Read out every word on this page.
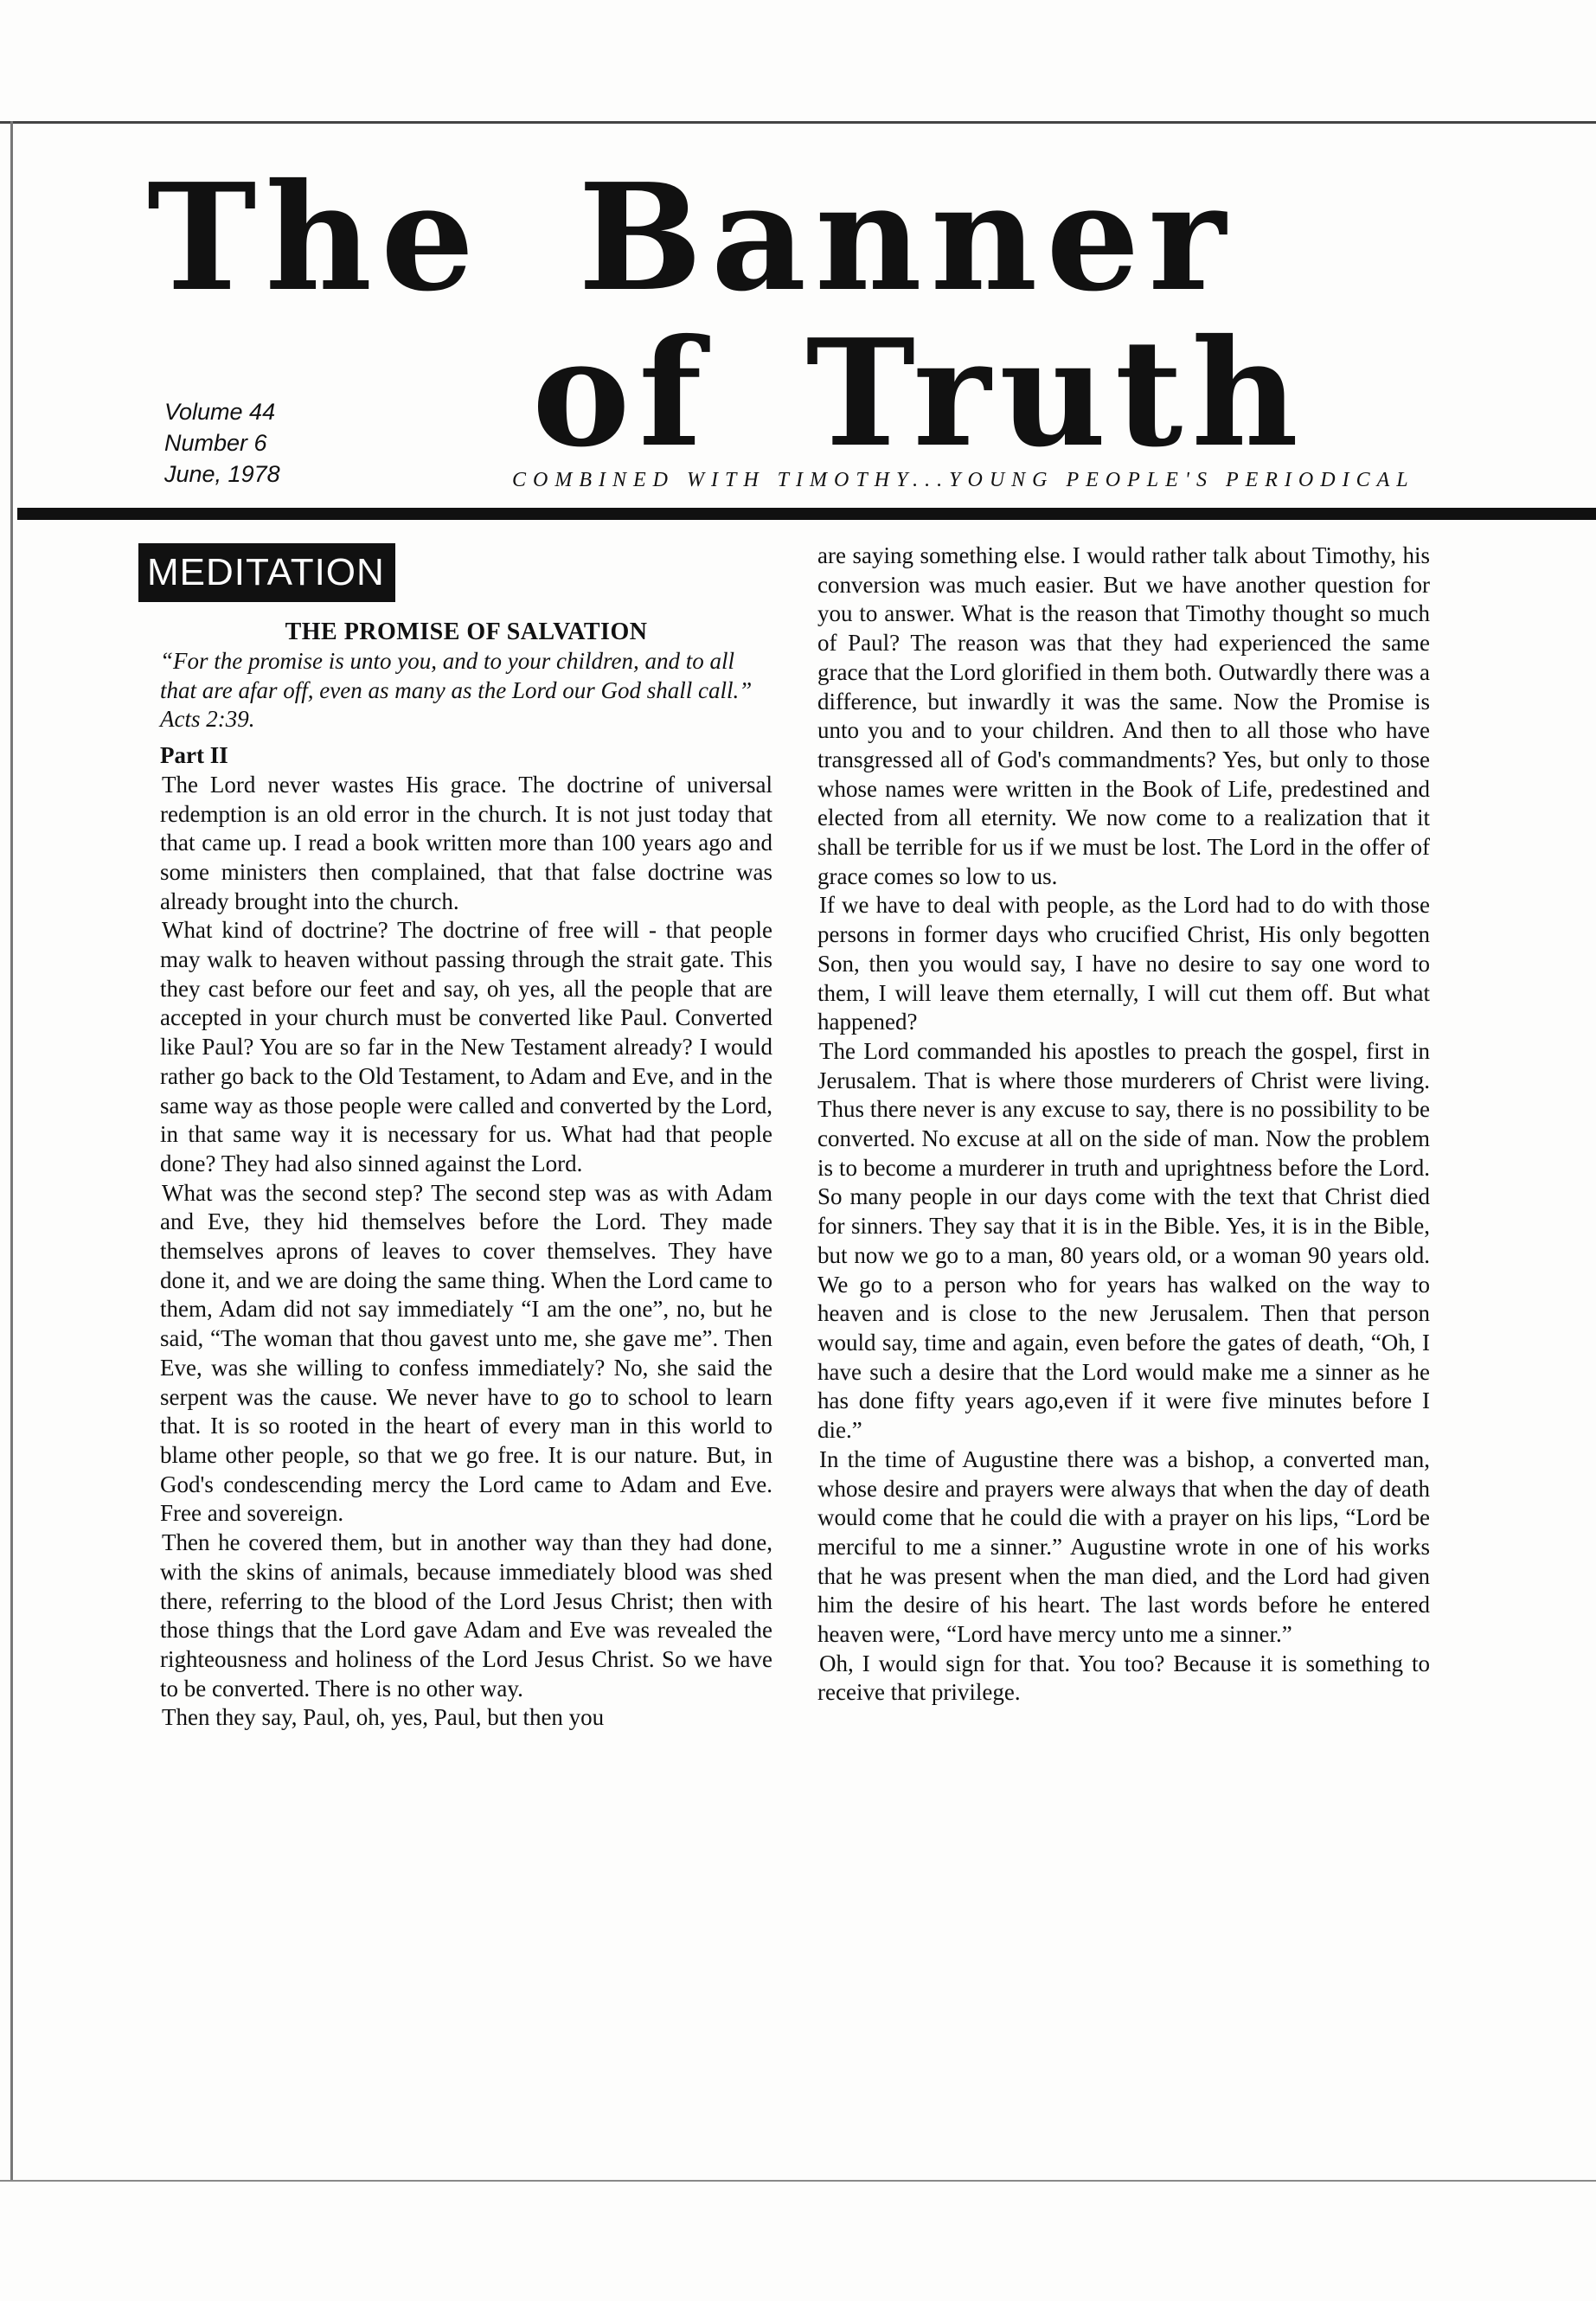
The Banner
of Truth
Volume 44
Number 6
June, 1978	COMBINED WITH TIMOTHY...YOUNG PEOPLE'S PERIODICAL
MEDITATION
THE PROMISE OF SALVATION
“For the promise is unto you, and to your children, and to all that are afar off, even as many as the Lord our God shall call.” Acts 2:39.
Part II

The Lord never wastes His grace. The doctrine of universal redemption is an old error in the church. It is not just today that that came up. I read a book written more than 100 years ago and some ministers then complained, that that false doctrine was already brought into the church.

What kind of doctrine? The doctrine of free will - that people may walk to heaven without passing through the strait gate. This they cast before our feet and say, oh yes, all the people that are accepted in your church must be converted like Paul. Converted like Paul? You are so far in the New Testament already? I would rather go back to the Old Testament, to Adam and Eve, and in the same way as those people were called and converted by the Lord, in that same way it is necessary for us. What had that people done? They had also sinned against the Lord.

What was the second step? The second step was as with Adam and Eve, they hid themselves before the Lord. They made themselves aprons of leaves to cover themselves. They have done it, and we are doing the same thing. When the Lord came to them, Adam did not say immediately “I am the one”, no, but he said, “The woman that thou gavest unto me, she gave me”. Then Eve, was she willing to confess immediately? No, she said the serpent was the cause. We never have to go to school to learn that. It is so rooted in the heart of every man in this world to blame other people, so that we go free. It is our nature. But, in God's condescending mercy the Lord came to Adam and Eve. Free and sovereign.

Then he covered them, but in another way than they had done, with the skins of animals, because immediately blood was shed there, referring to the blood of the Lord Jesus Christ; then with those things that the Lord gave Adam and Eve was revealed the righteousness and holiness of the Lord Jesus Christ. So we have to be converted. There is no other way.

Then they say, Paul, oh, yes, Paul, but then you

are saying something else. I would rather talk about Timothy, his conversion was much easier. But we have another question for you to answer. What is the reason that Timothy thought so much of Paul? The reason was that they had experienced the same grace that the Lord glorified in them both. Outwardly there was a difference, but inwardly it was the same. Now the Promise is unto you and to your children. And then to all those who have transgressed all of God's commandments? Yes, but only to those whose names were written in the Book of Life, predestined and elected from all eternity. We now come to a realization that it shall be terrible for us if we must be lost. The Lord in the offer of grace comes so low to us.

If we have to deal with people, as the Lord had to do with those persons in former days who crucified Christ, His only begotten Son, then you would say, I have no desire to say one word to them, I will leave them eternally, I will cut them off. But what happened?

The Lord commanded his apostles to preach the gospel, first in Jerusalem. That is where those murderers of Christ were living. Thus there never is any excuse to say, there is no possibility to be converted. No excuse at all on the side of man. Now the problem is to become a murderer in truth and uprightness before the Lord. So many people in our days come with the text that Christ died for sinners. They say that it is in the Bible. Yes, it is in the Bible, but now we go to a man, 80 years old, or a woman 90 years old. We go to a person who for years has walked on the way to heaven and is close to the new Jerusalem. Then that person would say, time and again, even before the gates of death, “Oh, I have such a desire that the Lord would make me a sinner as he has done fifty years ago,even if it were five minutes before I die.”

In the time of Augustine there was a bishop, a converted man, whose desire and prayers were always that when the day of death would come that he could die with a prayer on his lips, “Lord be merciful to me a sinner.” Augustine wrote in one of his works that he was present when the man died, and the Lord had given him the desire of his heart. The last words before he entered heaven were, “Lord have mercy unto me a sinner.”

Oh, I would sign for that. You too? Because it is something to receive that privilege.
